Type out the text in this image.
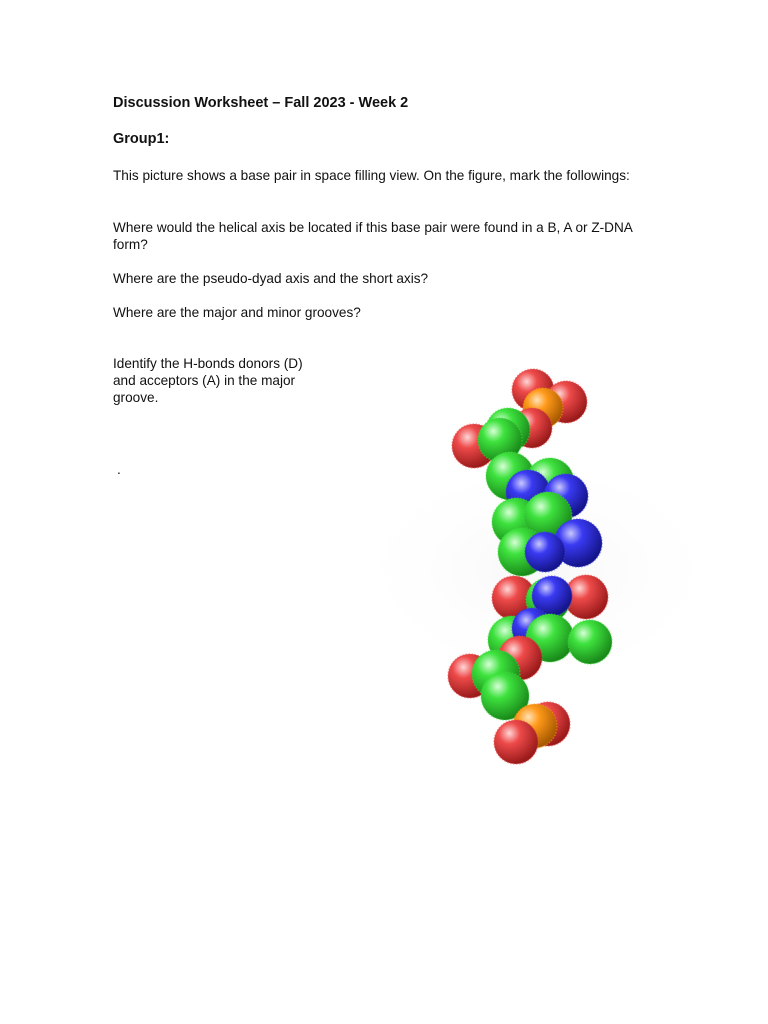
Discussion Worksheet – Fall 2023 - Week 2

Group1:

This picture shows a base pair in space filling view. On the figure, mark the followings:

Where would the helical axis be located if this base pair were found in a B, A or Z-DNA form?

Where are the pseudo-dyad axis and the short axis?

Where are the major and minor grooves?

Identify the H-bonds donors (D) and acceptors (A) in the major groove.

.
